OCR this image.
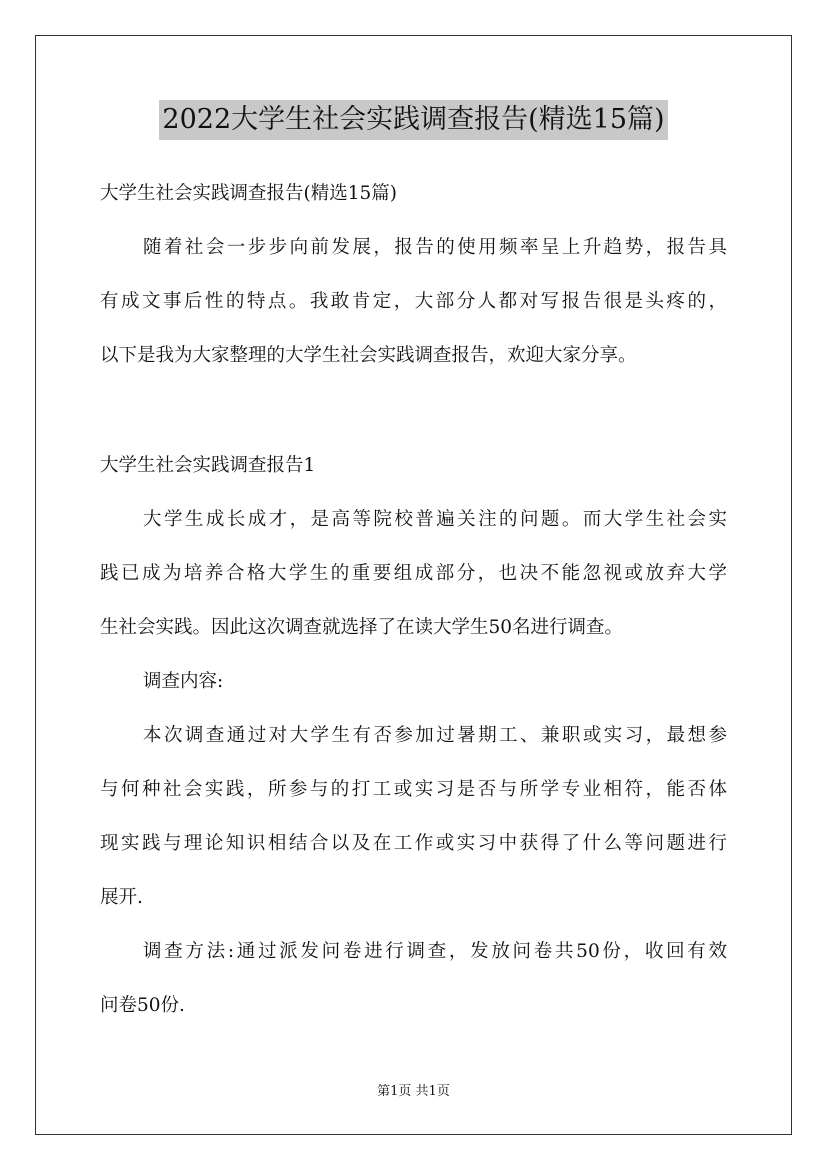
2022大学生社会实践调查报告(精选15篇)
大学生社会实践调查报告(精选15篇)
随着社会一步步向前发展，报告的使用频率呈上升趋势，报告具
有成文事后性的特点。我敢肯定，大部分人都对写报告很是头疼的，
以下是我为大家整理的大学生社会实践调查报告，欢迎大家分享。
大学生社会实践调查报告1
大学生成长成才，是高等院校普遍关注的问题。而大学生社会实
践已成为培养合格大学生的重要组成部分，也决不能忽视或放弃大学
生社会实践。因此这次调查就选择了在读大学生50名进行调查。
调查内容:
本次调查通过对大学生有否参加过暑期工、兼职或实习，最想参
与何种社会实践，所参与的打工或实习是否与所学专业相符，能否体
现实践与理论知识相结合以及在工作或实习中获得了什么等问题进行
展开.
调查方法:通过派发问卷进行调查，发放问卷共50份，收回有效
问卷50份.
第1页 共1页
